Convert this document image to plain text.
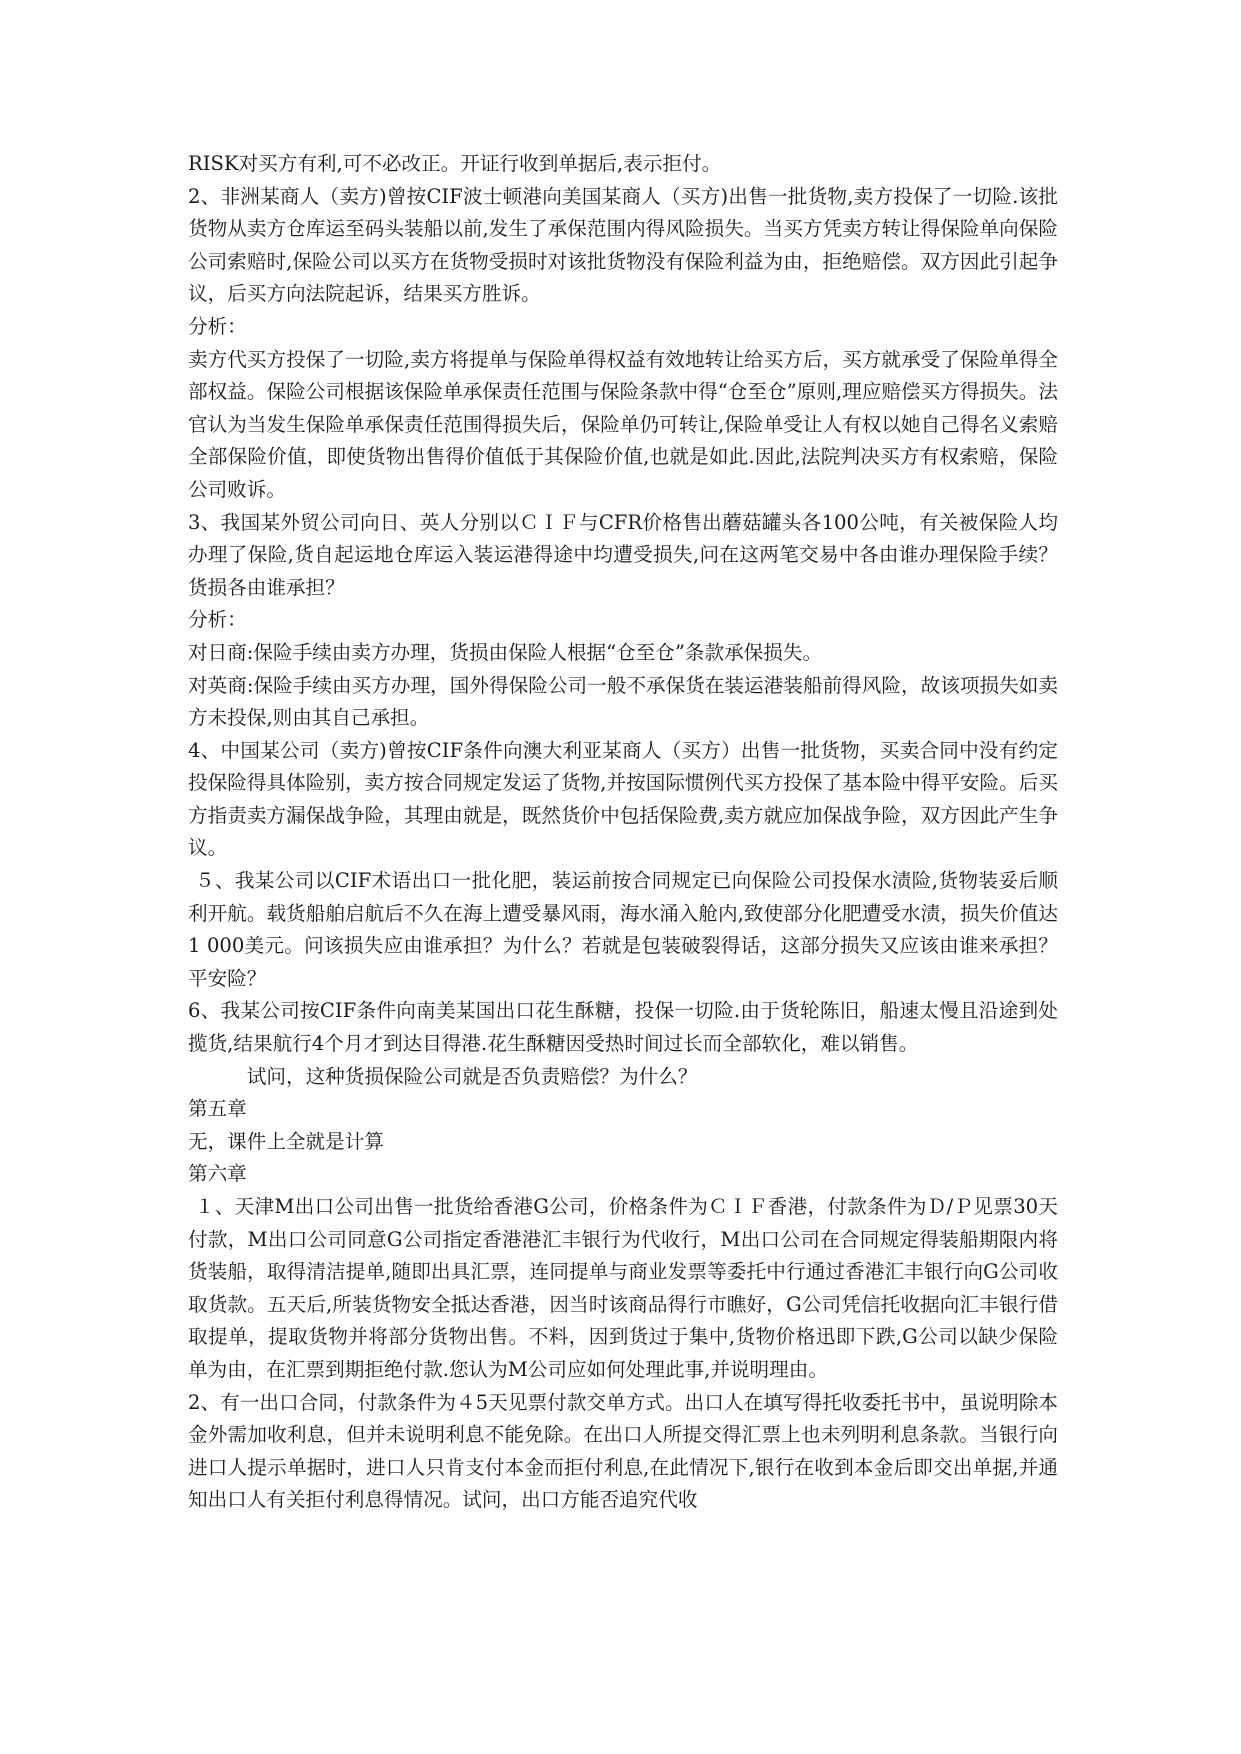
RISK对买方有利,可不必改正。开证行收到单据后,表示拒付。

2、非洲某商人（卖方)曾按CIF波士顿港向美国某商人（买方)出售一批货物,卖方投保了一切险.该批货物从卖方仓库运至码头装船以前,发生了承保范围内得风险损失。当买方凭卖方转让得保险单向保险公司索赔时,保险公司以买方在货物受损时对该批货物没有保险利益为由，拒绝赔偿。双方因此引起争议，后买方向法院起诉，结果买方胜诉。

分析：

卖方代买方投保了一切险,卖方将提单与保险单得权益有效地转让给买方后，买方就承受了保险单得全部权益。保险公司根据该保险单承保责任范围与保险条款中得“仓至仓”原则,理应赔偿买方得损失。法官认为当发生保险单承保责任范围得损失后，保险单仍可转让,保险单受让人有权以她自己得名义索赔全部保险价值，即使货物出售得价值低于其保险价值,也就是如此.因此,法院判决买方有权索赔，保险公司败诉。

3、我国某外贸公司向日、英人分别以ＣＩＦ与CFR价格售出蘑菇罐头各100公吨，有关被保险人均办理了保险,货自起运地仓库运入装运港得途中均遭受损失,问在这两笔交易中各由谁办理保险手续？货损各由谁承担？

分析：

对日商:保险手续由卖方办理，货损由保险人根据“仓至仓”条款承保损失。

对英商:保险手续由买方办理，国外得保险公司一般不承保货在装运港装船前得风险，故该项损失如卖方未投保,则由其自己承担。

4、中国某公司（卖方)曾按CIF条件向澳大利亚某商人（买方）出售一批货物，买卖合同中没有约定投保险得具体险别，卖方按合同规定发运了货物,并按国际惯例代买方投保了基本险中得平安险。后买方指责卖方漏保战争险，其理由就是，既然货价中包括保险费,卖方就应加保战争险，双方因此产生争议。

５、我某公司以CIF术语出口一批化肥，装运前按合同规定已向保险公司投保水渍险,货物装妥后顺利开航。载货船舶启航后不久在海上遭受暴风雨，海水涌入舱内,致使部分化肥遭受水渍，损失价值达1 000美元。问该损失应由谁承担？为什么？若就是包装破裂得话，这部分损失又应该由谁来承担？平安险？

6、我某公司按CIF条件向南美某国出口花生酥糖，投保一切险.由于货轮陈旧，船速太慢且沿途到处揽货,结果航行4个月才到达目得港.花生酥糖因受热时间过长而全部软化，难以销售。

试问，这种货损保险公司就是否负责赔偿？为什么？

第五章

无，课件上全就是计算

第六章

１、天津M出口公司出售一批货给香港G公司，价格条件为ＣＩＦ香港，付款条件为Ｄ/Ｐ见票30天付款，M出口公司同意G公司指定香港港汇丰银行为代收行，M出口公司在合同规定得装船期限内将货装船，取得清洁提单,随即出具汇票，连同提单与商业发票等委托中行通过香港汇丰银行向G公司收取货款。五天后,所装货物安全抵达香港，因当时该商品得行市瞧好，G公司凭信托收据向汇丰银行借取提单，提取货物并将部分货物出售。不料，因到货过于集中,货物价格迅即下跌,G公司以缺少保险单为由，在汇票到期拒绝付款.您认为M公司应如何处理此事,并说明理由。

2、有一出口合同，付款条件为４5天见票付款交单方式。出口人在填写得托收委托书中，虽说明除本金外需加收利息，但并未说明利息不能免除。在出口人所提交得汇票上也未列明利息条款。当银行向进口人提示单据时，进口人只肯支付本金而拒付利息,在此情况下,银行在收到本金后即交出单据,并通知出口人有关拒付利息得情况。试问，出口方能否追究代收
